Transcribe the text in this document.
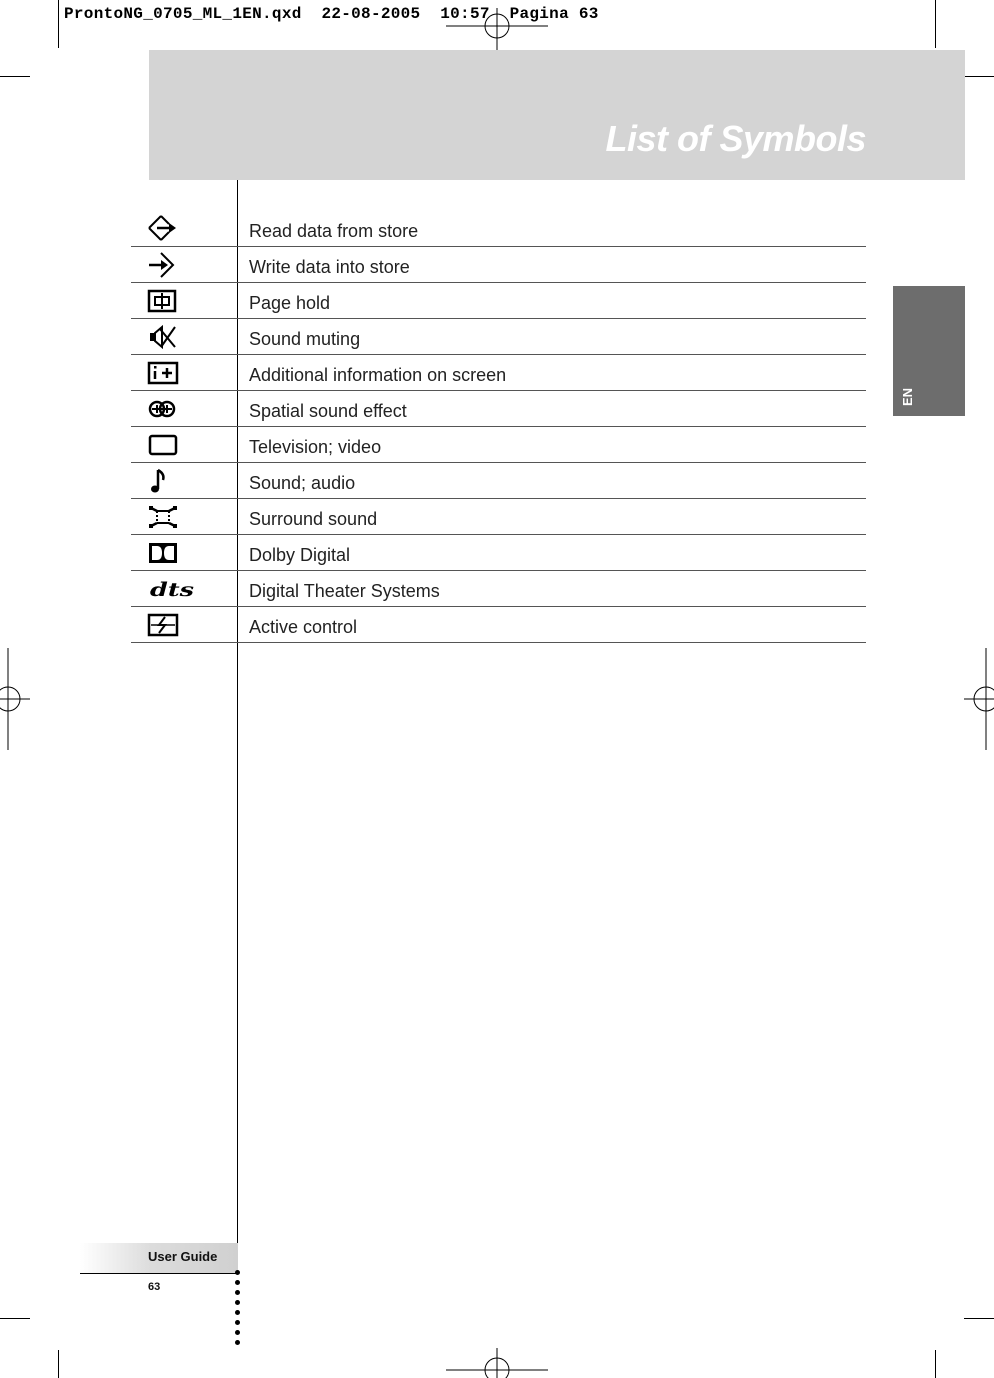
ProntoNG_0705_ML_1EN.qxd  22-08-2005  10:57  Pagina 63
List of Symbols
EN
Read data from store
Write data into store
Page hold
Sound muting
Additional information on screen
Spatial sound effect
Television; video
Sound; audio
Surround sound
Dolby Digital
dts	Digital Theater Systems
Active control
User Guide
63
